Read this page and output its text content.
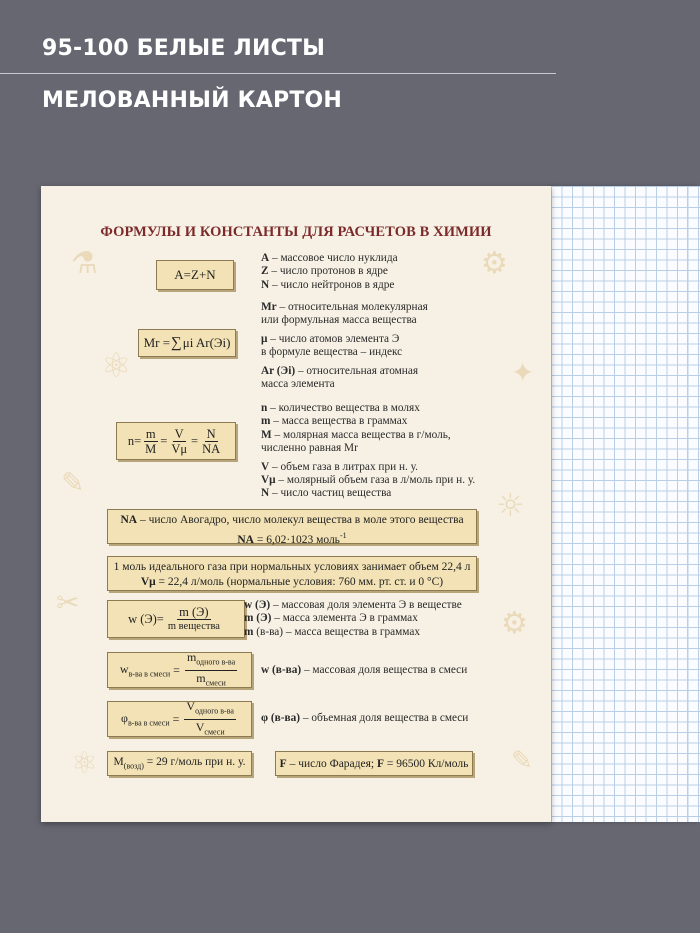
95-100 БЕЛЫЕ ЛИСТЫ
МЕЛОВАННЫЙ КАРТОН
⚗
⚛
✎
⚙
✦
☼
✂
⚙
⚛	✎
ФОРМУЛЫ И КОНСТАНТЫ ДЛЯ РАСЧЕТОВ В ХИМИИ
A=Z+N
A – массовое число нуклида
Z – число протонов в ядре
N – число нейтронов в ядре
Mr = ∑ μi Ar(Эi)
Mr – относительная молекулярная
или формульная масса вещества
μ – число атомов элемента Э
в формуле вещества – индекс
Ar (Эi) – относительная атомная
масса элемента
$n= \frac{m}{M} = \frac{V}{V\mu} = \frac{N}{NA}$
n – количество вещества в молях
m – масса вещества в граммах
M – молярная масса вещества в г/моль,
численно равная Mr
V – объем газа в литрах при н. у.
Vμ – молярный объем газа в л/моль при н. у.
N – число частиц вещества
NA – число Авогадро, число молекул вещества в моле этого вещества
NA = 6,02·1023 моль$^{-1}$
1 моль идеального газа при нормальных условиях занимает объем 22,4 л
Vμ = 22,4 л/моль (нормальные условия: 760 мм. рт. ст. и 0 °С)
w $(Э)= \frac{m (Э)}{\text{m вещества}}$ w (Э) – массовая доля элемента Э в веществе
m (Э) – масса элемента Э в граммах
m (в-ва) – масса вещества в граммах
$w_{в-ва в смеси} = \frac{m_{одного в-ва}}{m_{смеси}}$ w (в-ва) – массовая доля вещества в смеси
$\varphi_{в-ва в смеси} = \frac{V_{одного в-ва}}{V_{смеси}}$ φ (в-ва) – объемная доля вещества в смеси
$M_{(возд)} = 29$ г/моль при н. у.	F – число Фарадея; F = 96500 Кл/моль
